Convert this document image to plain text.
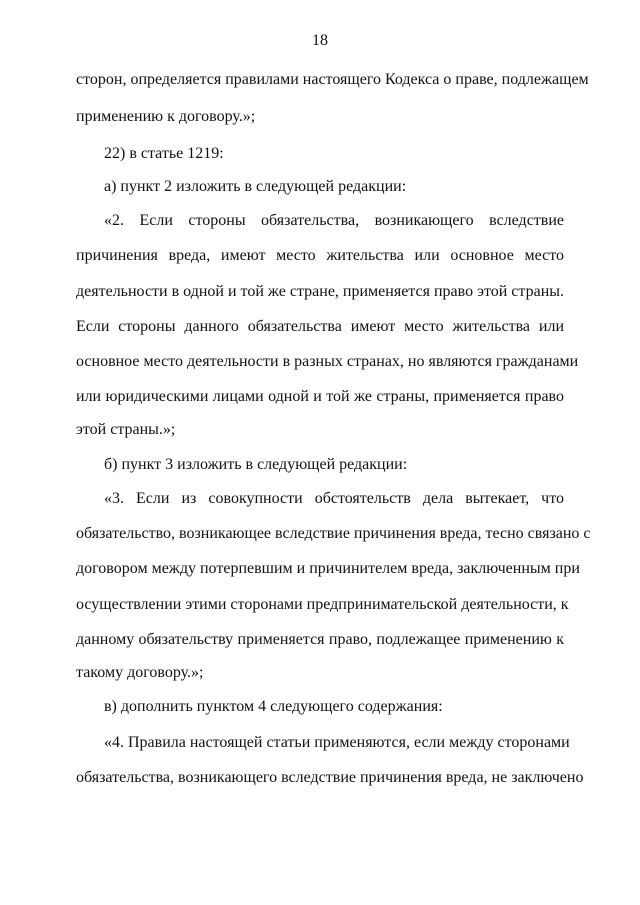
18
сторон, определяется правилами настоящего Кодекса о праве, подлежащем
применению к договору.»;
22) в статье 1219:
а) пункт 2 изложить в следующей редакции:
«2. Если стороны обязательства, возникающего вследствие
причинения вреда, имеют место жительства или основное место
деятельности в одной и той же стране, применяется право этой страны.
Если стороны данного обязательства имеют место жительства или
основное место деятельности в разных странах, но являются гражданами
или юридическими лицами одной и той же страны, применяется право
этой страны.»;
б) пункт 3 изложить в следующей редакции:
«3. Если из совокупности обстоятельств дела вытекает, что
обязательство, возникающее вследствие причинения вреда, тесно связано с
договором между потерпевшим и причинителем вреда, заключенным при
осуществлении этими сторонами предпринимательской деятельности, к
данному обязательству применяется право, подлежащее применению к
такому договору.»;
в) дополнить пунктом 4 следующего содержания:
«4. Правила настоящей статьи применяются, если между сторонами
обязательства, возникающего вследствие причинения вреда, не заключено
